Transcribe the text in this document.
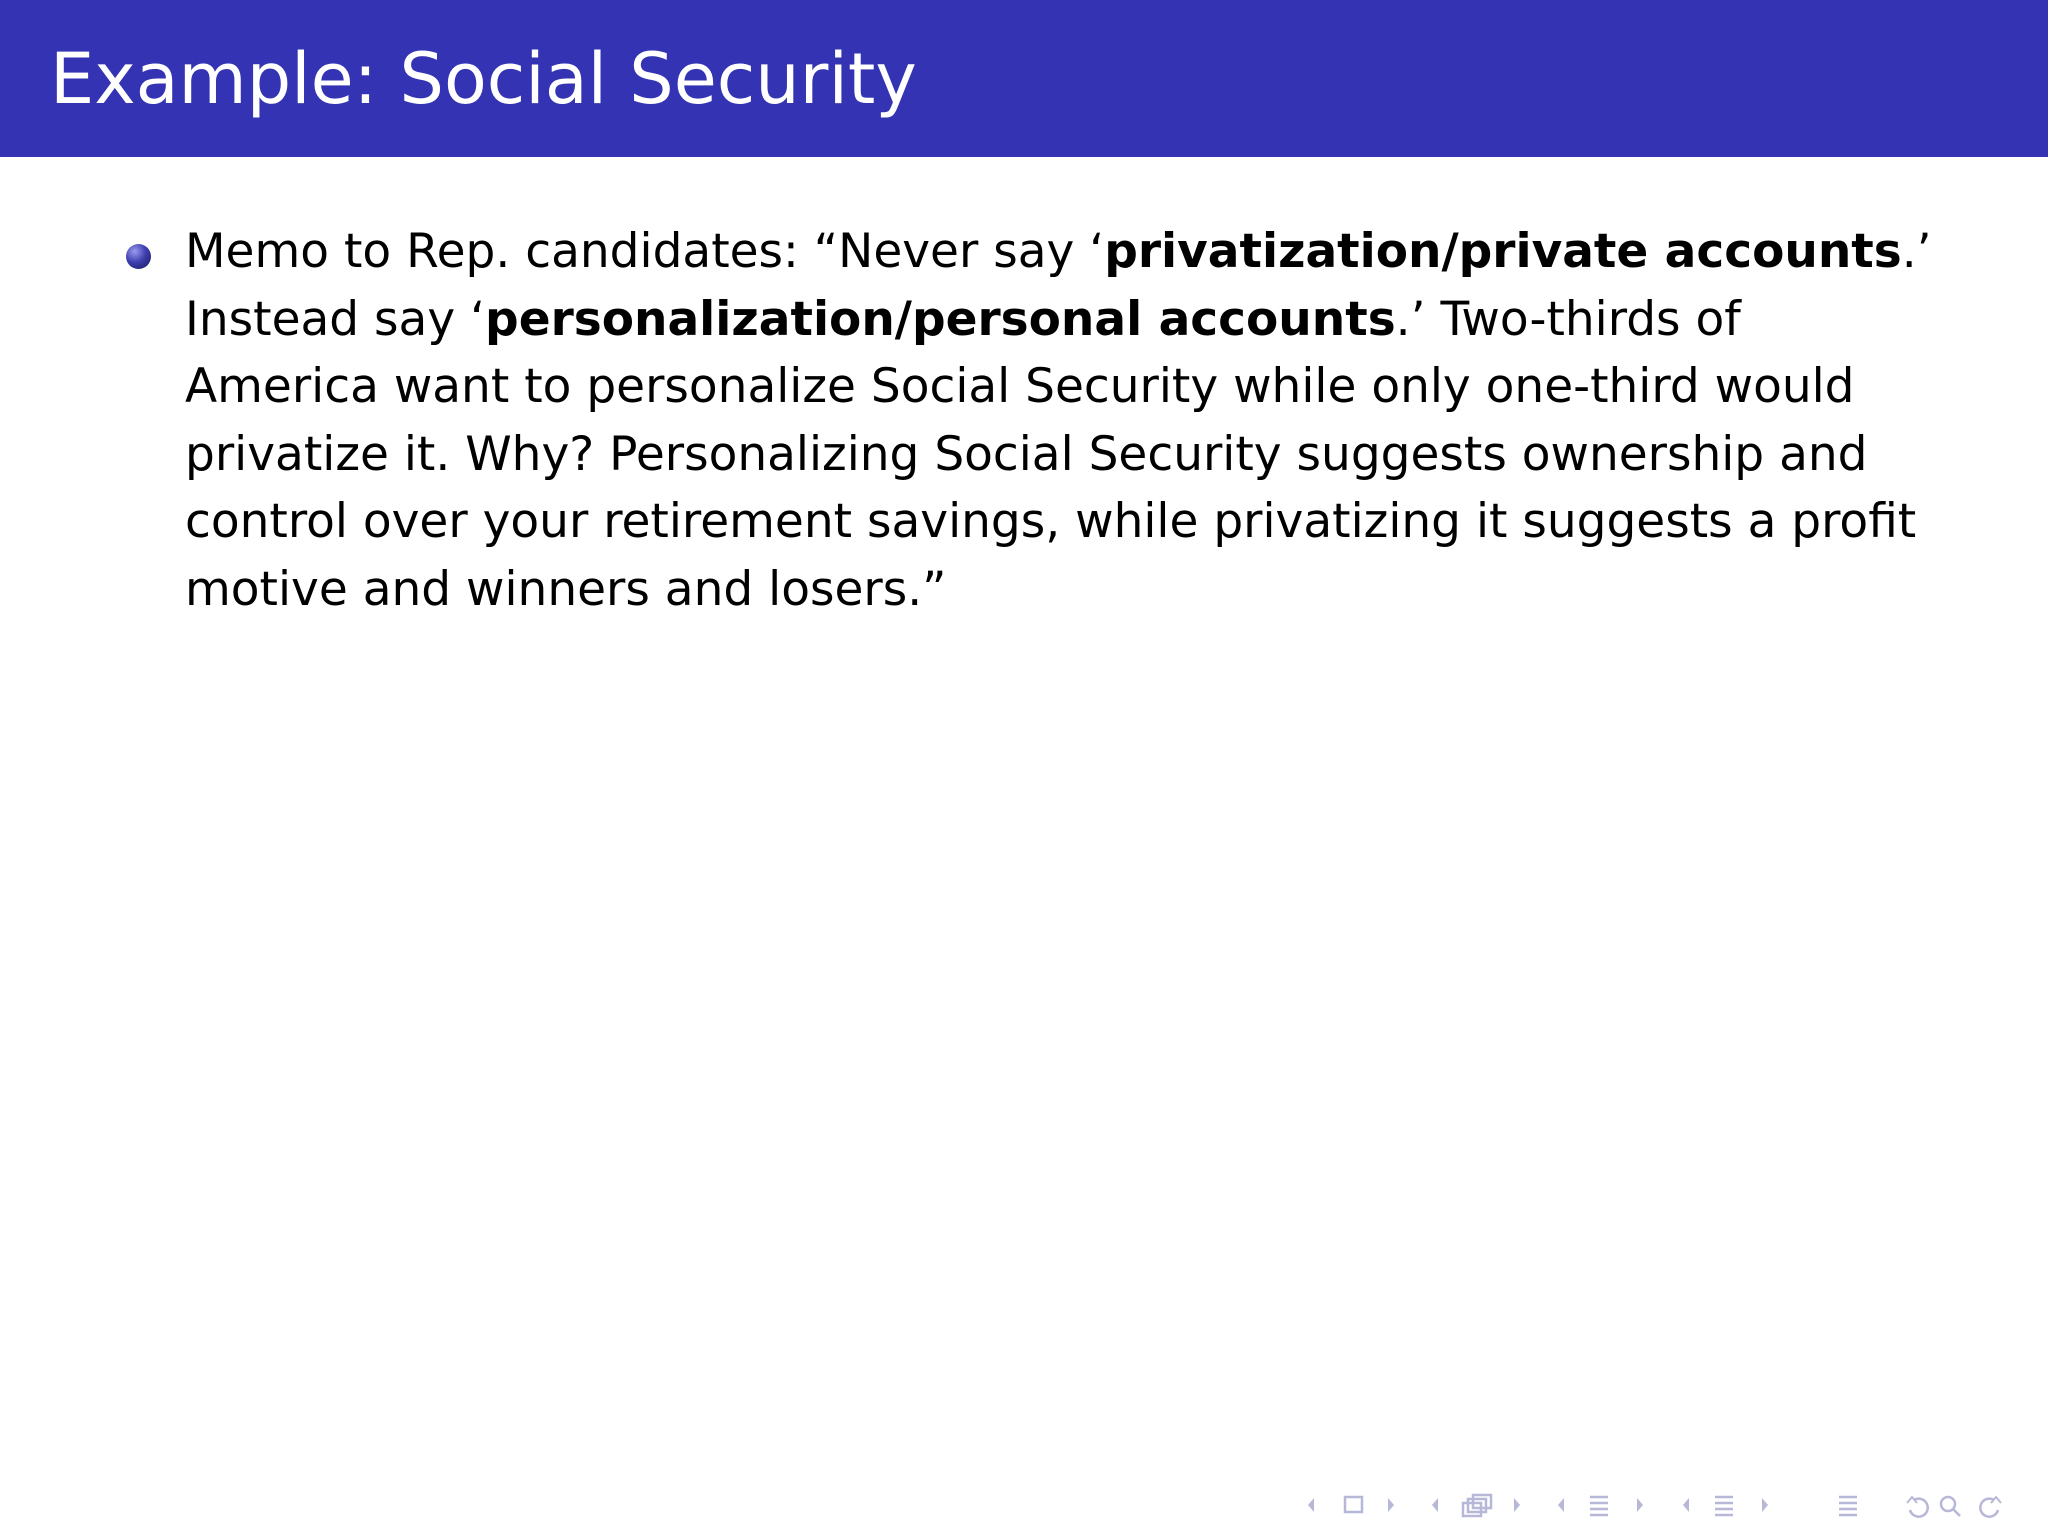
Example: Social Security
Memo to Rep. candidates: “Never say ‘privatization/private accounts.’ Instead say ‘personalization/personal accounts.’ Two-thirds of America want to personalize Social Security while only one-third would privatize it. Why? Personalizing Social Security suggests ownership and control over your retirement savings, while privatizing it suggests a profit motive and winners and losers.”
